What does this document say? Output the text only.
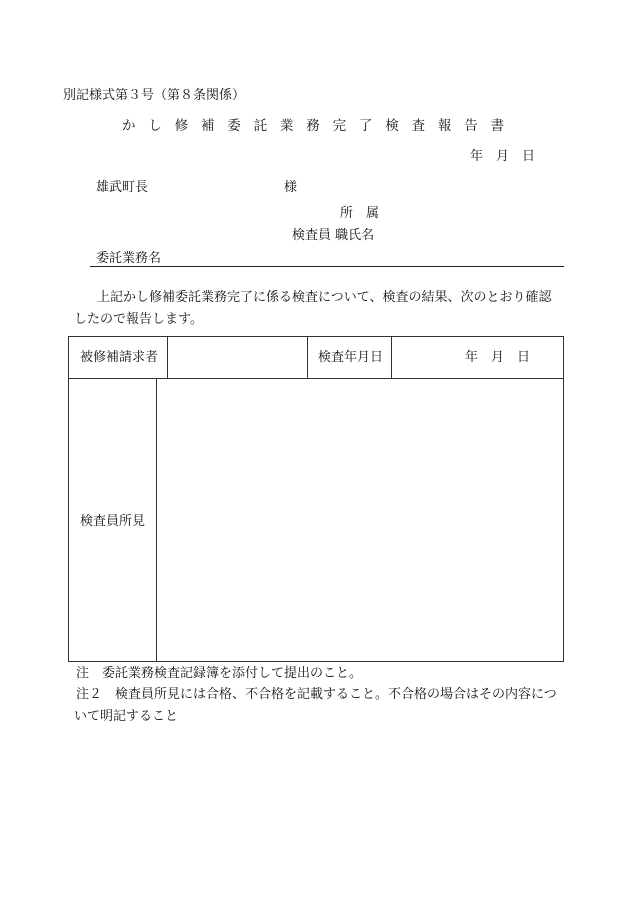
別記様式第３号（第８条関係）
かし修補委託業務完了検査報告書
年　月　日
雄武町長	様
所　属
検査員 職氏名
委託業務名
上記かし修補委託業務完了に係る検査について、検査の結果、次のとおり確認
したので報告します。
被修補請求者	検査年月日	年　月　日
検査員所見
注　委託業務検査記録簿を添付して提出のこと。
注２　検査員所見には合格、不合格を記載すること。不合格の場合はその内容につ
いて明記すること
